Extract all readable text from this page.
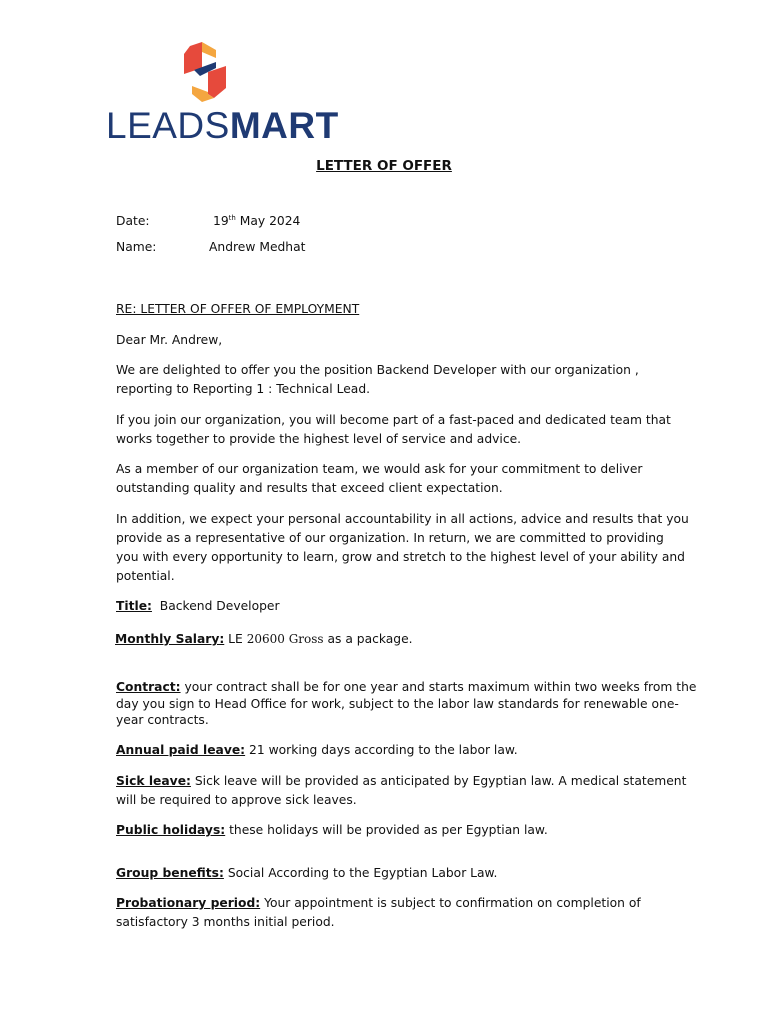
LEADSMART
LETTER OF OFFER
Date:	19th May 2024
Name:	Andrew Medhat
RE: LETTER OF OFFER OF EMPLOYMENT
Dear Mr. Andrew,
We are delighted to offer you the position Backend Developer with our organization ,
reporting to Reporting 1 : Technical Lead.
If you join our organization, you will become part of a fast-paced and dedicated team that
works together to provide the highest level of service and advice.
As a member of our organization team, we would ask for your commitment to deliver
outstanding quality and results that exceed client expectation.
In addition, we expect your personal accountability in all actions, advice and results that you
provide as a representative of our organization. In return, we are committed to providing
you with every opportunity to learn, grow and stretch to the highest level of your ability and
potential.
Title: Backend Developer
Monthly Salary: LE 20600 Gross as a package.
Contract: your contract shall be for one year and starts maximum within two weeks from the
day you sign to Head Office for work, subject to the labor law standards for renewable one-
year contracts.
Annual paid leave: 21 working days according to the labor law.
Sick leave: Sick leave will be provided as anticipated by Egyptian law. A medical statement
will be required to approve sick leaves.
Public holidays: these holidays will be provided as per Egyptian law.
Group benefits: Social According to the Egyptian Labor Law.
Probationary period: Your appointment is subject to confirmation on completion of
satisfactory 3 months initial period.
